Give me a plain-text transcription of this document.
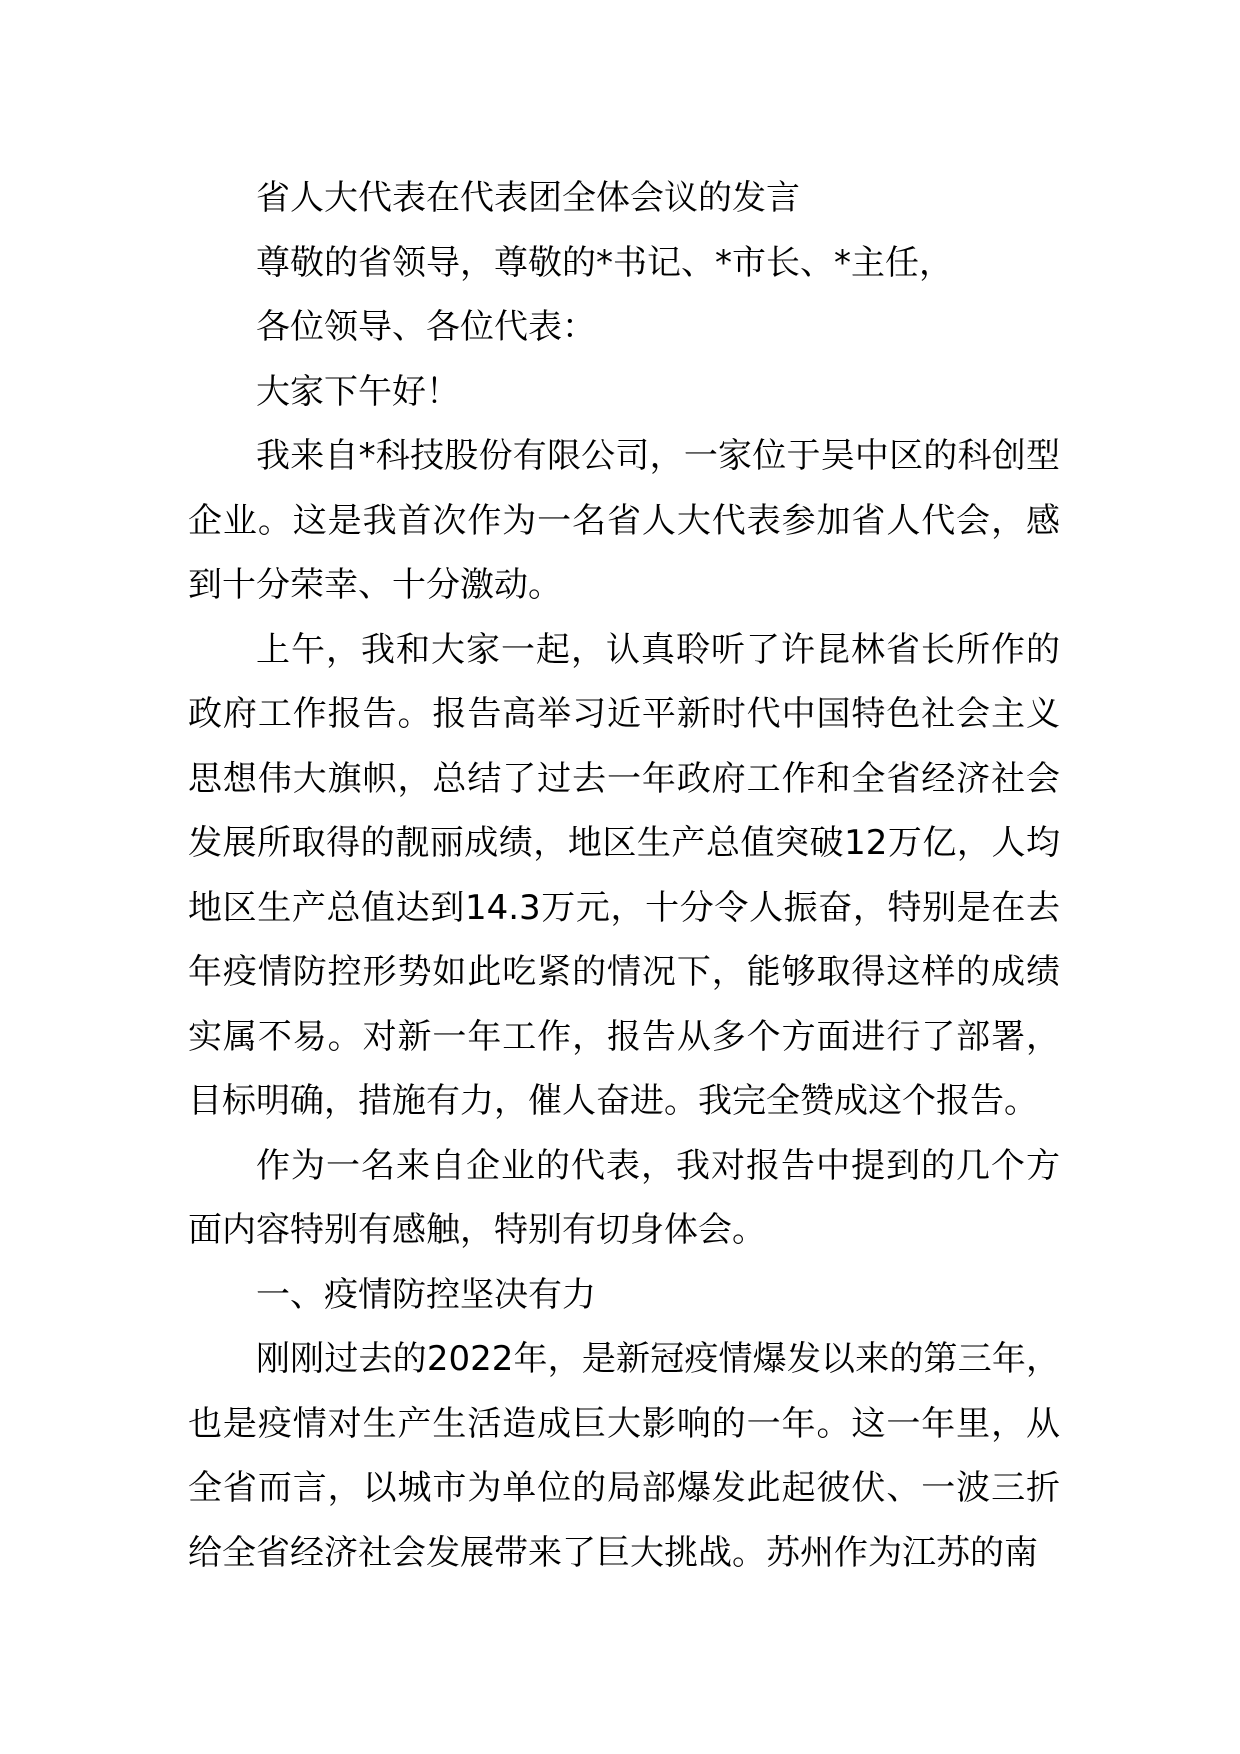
省人大代表在代表团全体会议的发言

尊敬的省领导，尊敬的*书记、*市长、*主任，

各位领导、各位代表：

大家下午好！

我来自*科技股份有限公司，一家位于吴中区的科创型企业。这是我首次作为一名省人大代表参加省人代会，感到十分荣幸、十分激动。

上午，我和大家一起，认真聆听了许昆林省长所作的政府工作报告。报告高举习近平新时代中国特色社会主义思想伟大旗帜，总结了过去一年政府工作和全省经济社会发展所取得的靓丽成绩，地区生产总值突破12万亿，人均地区生产总值达到14.3万元，十分令人振奋，特别是在去年疫情防控形势如此吃紧的情况下，能够取得这样的成绩实属不易。对新一年工作，报告从多个方面进行了部署，目标明确，措施有力，催人奋进。我完全赞成这个报告。

作为一名来自企业的代表，我对报告中提到的几个方面内容特别有感触，特别有切身体会。

一、疫情防控坚决有力

刚刚过去的2022年，是新冠疫情爆发以来的第三年，也是疫情对生产生活造成巨大影响的一年。这一年里，从全省而言，以城市为单位的局部爆发此起彼伏、一波三折给全省经济社会发展带来了巨大挑战。苏州作为江苏的南
